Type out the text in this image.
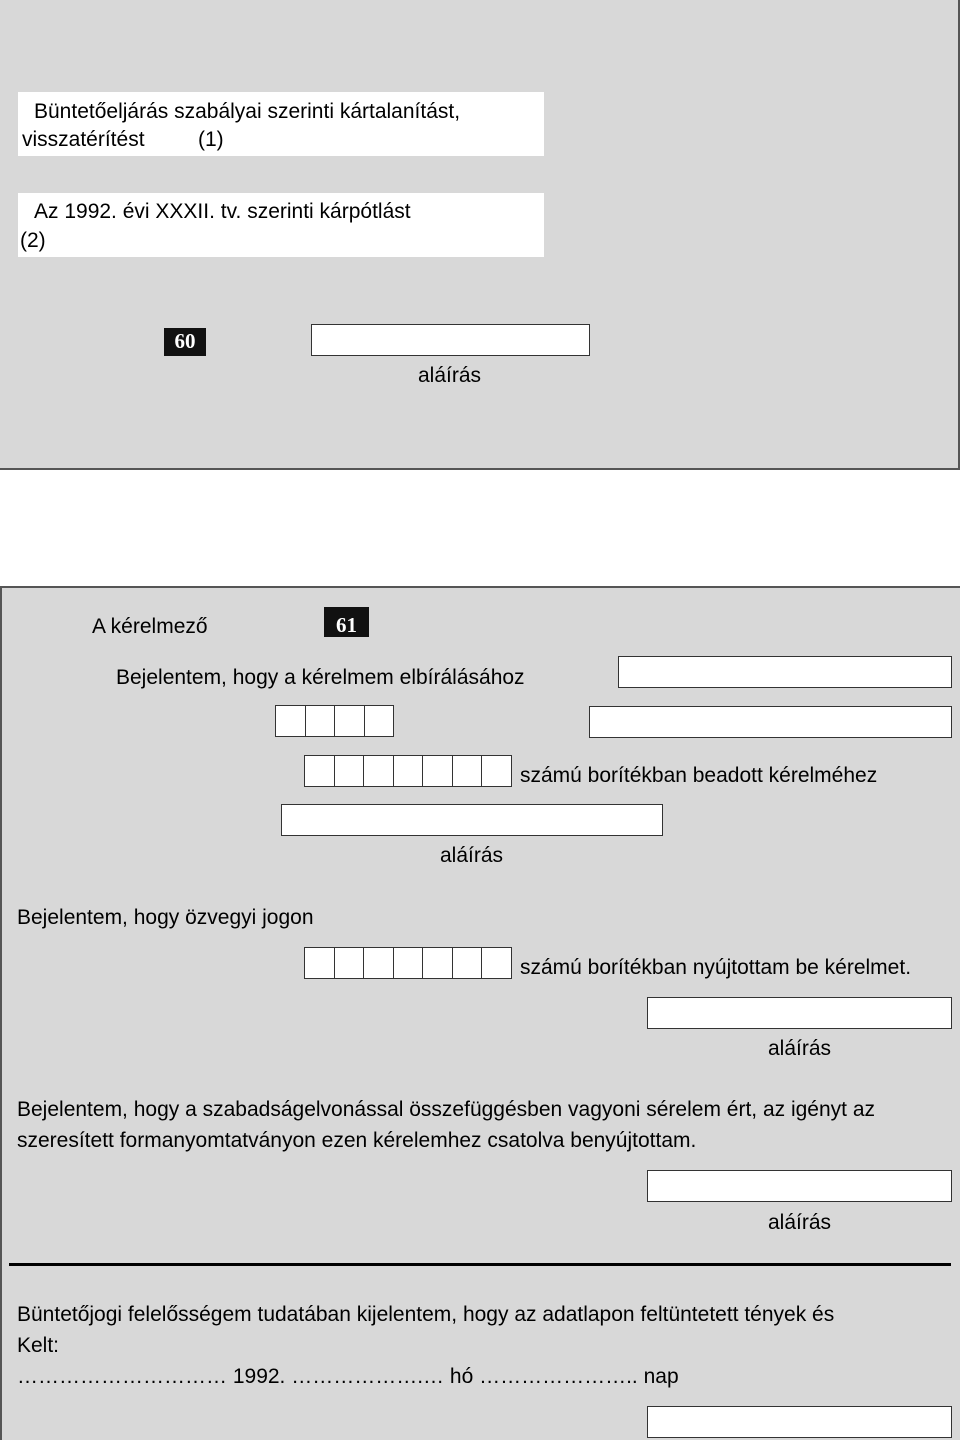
Büntetőeljárás szabályai szerinti kártalanítást,
visszatérítést	(1)
Az 1992. évi XXXII. tv. szerinti kárpótlást
(2)
60
aláírás
A kérelmező	61
Bejelentem, hogy a kérelmem elbírálásához
számú borítékban beadott kérelméhez
aláírás
Bejelentem, hogy özvegyi jogon
számú borítékban nyújtottam be kérelmet.
aláírás
Bejelentem, hogy a szabadságelvonással összefüggésben vagyoni sérelem ért, az igényt az
szeresített formanyomtatványon ezen kérelemhez csatolva benyújtottam.
aláírás
Büntetőjogi felelősségem tudatában kijelentem, hogy az adatlapon feltüntetett tények és
Kelt:
………………………… 1992. ……………….… hó ………………….. nap
